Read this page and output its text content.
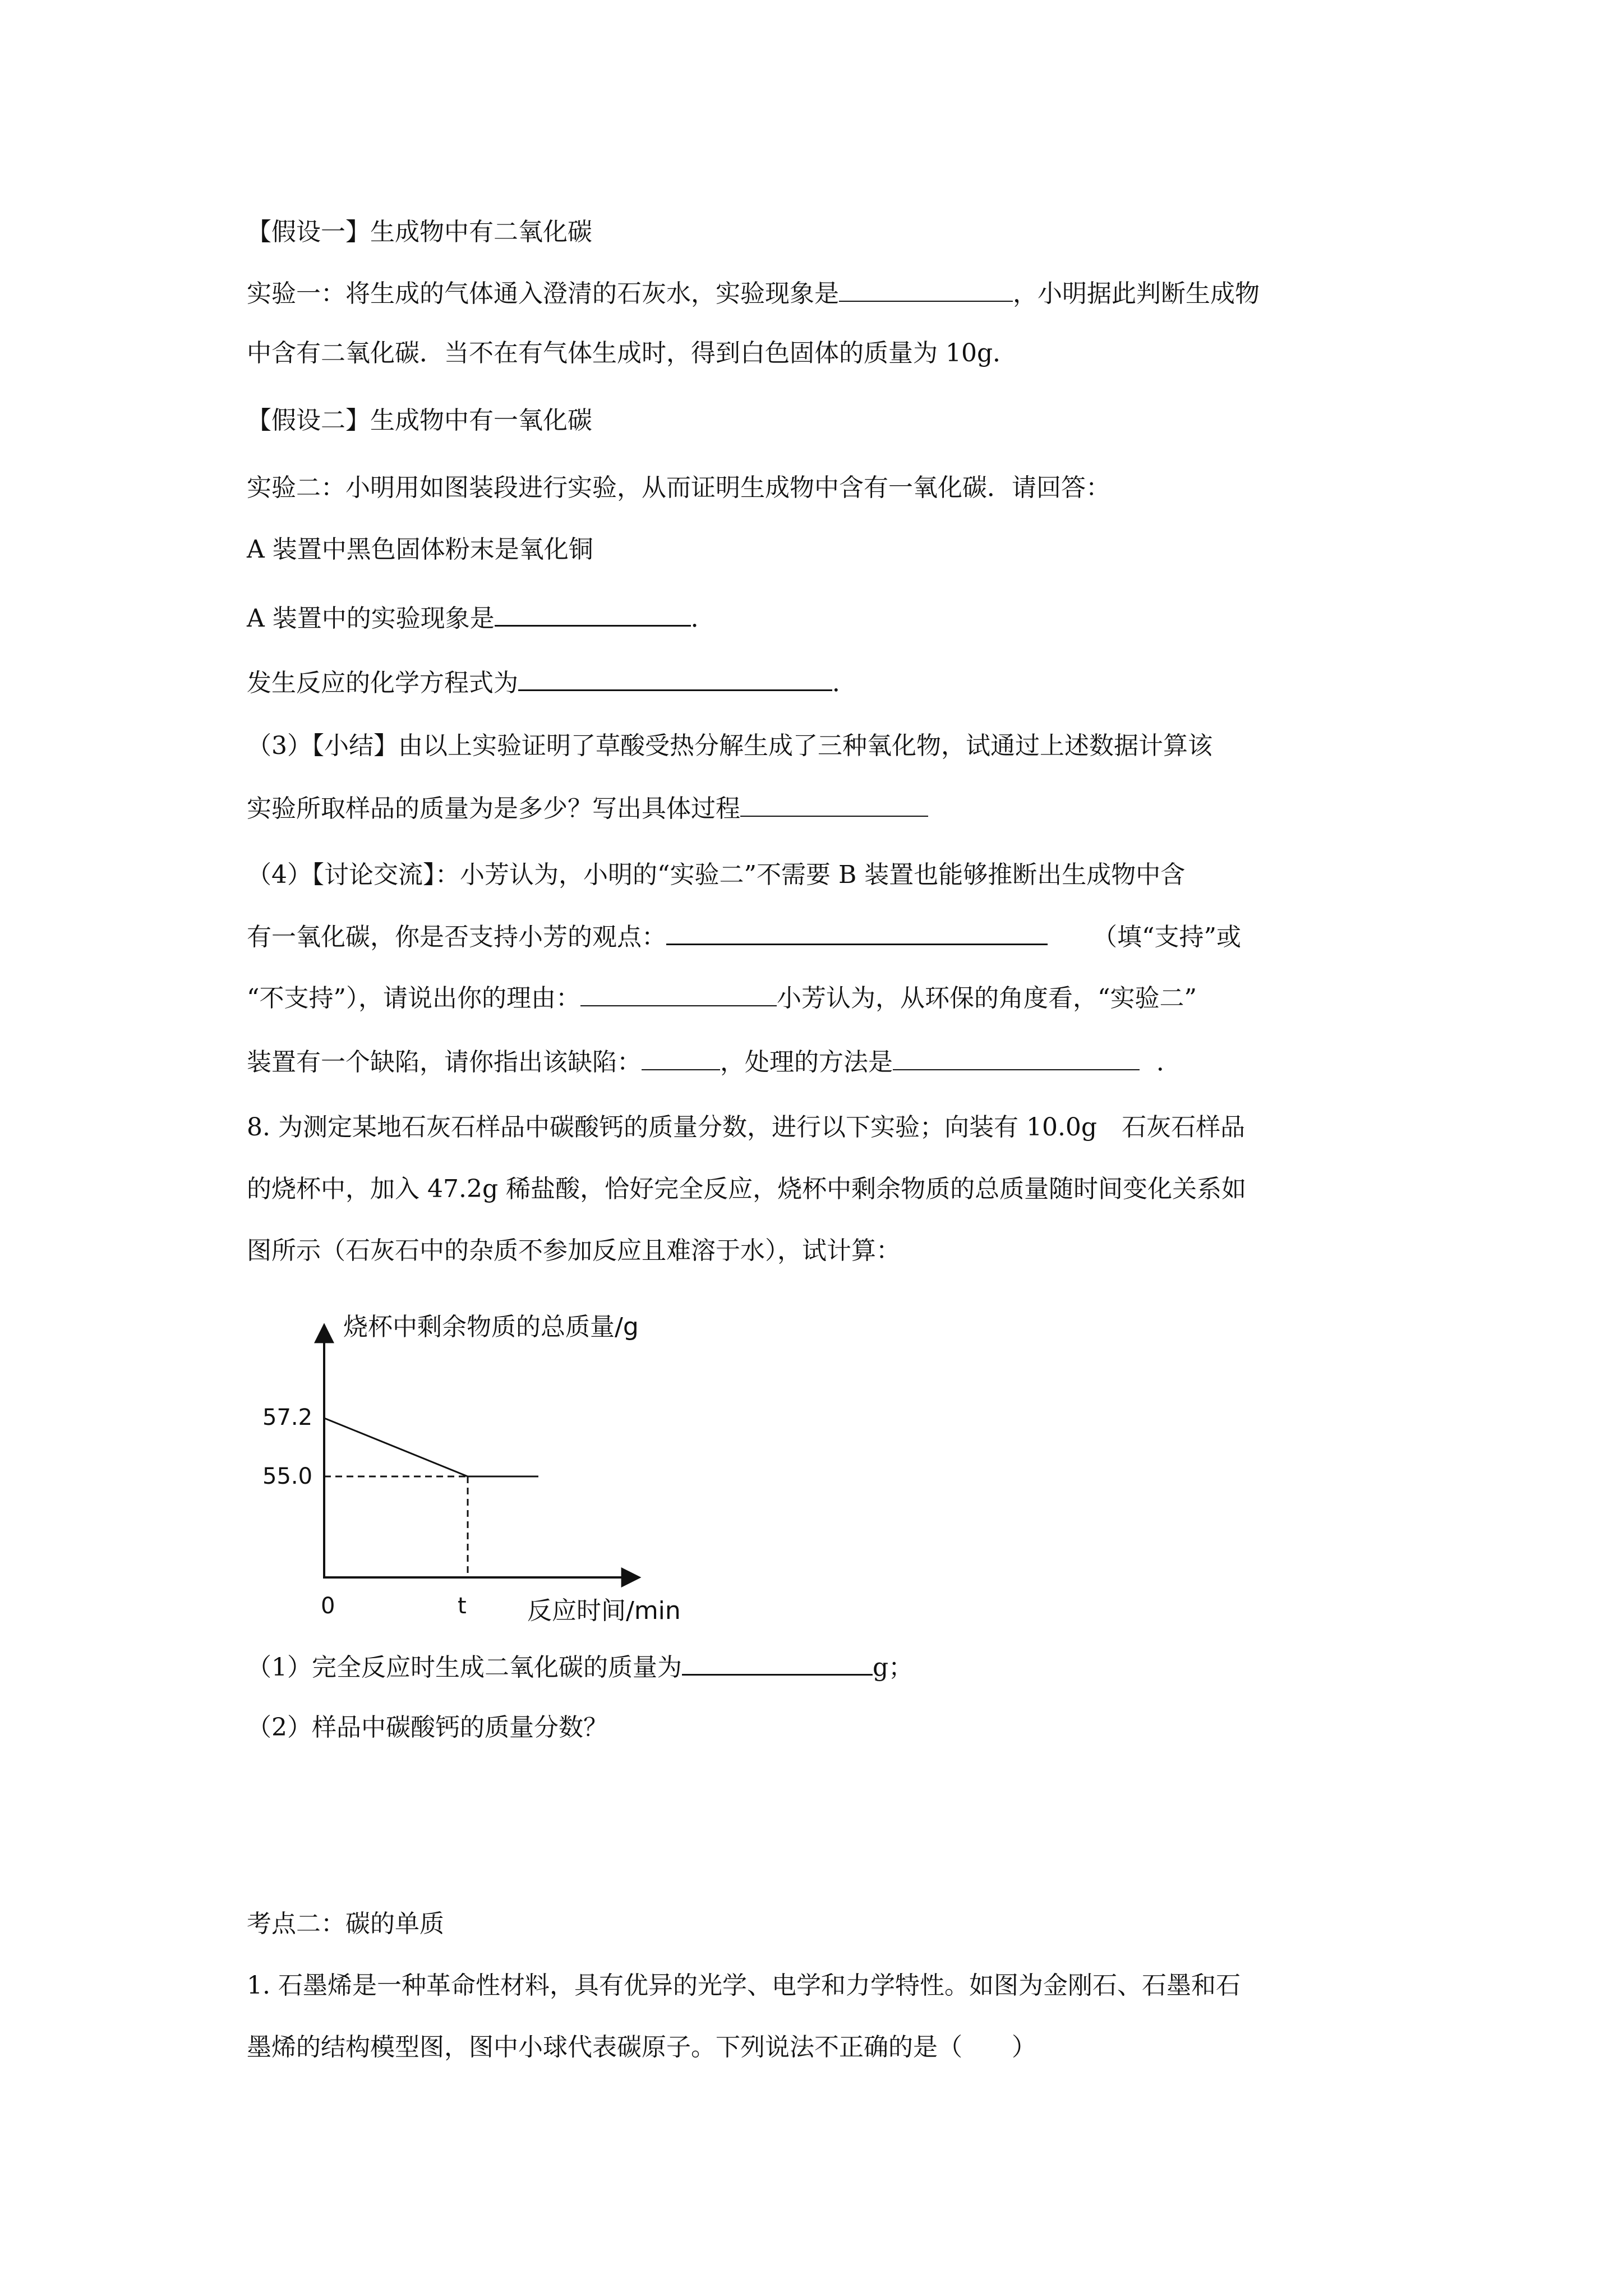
【假设一】生成物中有二氧化碳
实验一：将生成的气体通入澄清的石灰水，实验现象是	，小明据此判断生成物
中含有二氧化碳．当不在有气体生成时，得到白色固体的质量为 10g．
【假设二】生成物中有一氧化碳
实验二：小明用如图装段进行实验，从而证明生成物中含有一氧化碳．请回答：
A 装置中黑色固体粉末是氧化铜
A 装置中的实验现象是	．
发生反应的化学方程式为	．
（3）【小结】由以上实验证明了草酸受热分解生成了三种氧化物，试通过上述数据计算该
实验所取样品的质量为是多少？写出具体过程
（4）【讨论交流】：小芳认为，小明的“实验二”不需要 B 装置也能够推断出生成物中含
有一氧化碳，你是否支持小芳的观点：	（填“支持”或
“不支持”），请说出你的理由：	小芳认为，从环保的角度看，“实验二”
装置有一个缺陷，请你指出该缺陷：	，处理的方法是	．
8. 为测定某地石灰石样品中碳酸钙的质量分数，进行以下实验；向装有 10.0g　石灰石样品
的烧杯中，加入 47.2g 稀盐酸，恰好完全反应，烧杯中剩余物质的总质量随时间变化关系如
图所示（石灰石中的杂质不参加反应且难溶于水），试计算：
烧杯中剩余物质的总质量/g
57.2
55.0
0	t 反应时间/min
（1）完全反应时生成二氧化碳的质量为	g；
（2）样品中碳酸钙的质量分数？
考点二：碳的单质
1. 石墨烯是一种革命性材料，具有优异的光学、电学和力学特性。如图为金刚石、石墨和石
墨烯的结构模型图，图中小球代表碳原子。下列说法不正确的是（　　）
